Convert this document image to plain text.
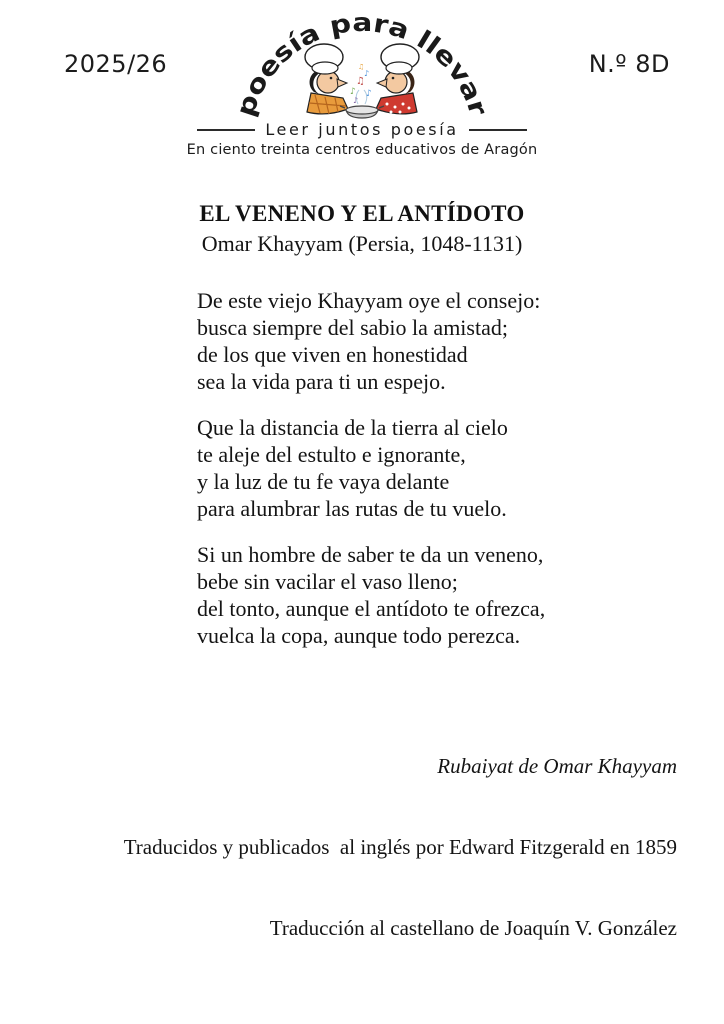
2025/26	N.º 8D
poesía para llevar
♪
♫
♪
♪
♪
♫
Leer juntos poesía
En ciento treinta centros educativos de Aragón
EL VENENO Y EL ANTÍDOTO
Omar Khayyam (Persia, 1048-1131)
De este viejo Khayyam oye el consejo:
busca siempre del sabio la amistad;
de los que viven en honestidad
sea la vida para ti un espejo.
Que la distancia de la tierra al cielo
te aleje del estulto e ignorante,
y la luz de tu fe vaya delante
para alumbrar las rutas de tu vuelo.
Si un hombre de saber te da un veneno,
bebe sin vacilar el vaso lleno;
del tonto, aunque el antídoto te ofrezca,
vuelca la copa, aunque todo perezca.

Rubaiyat de Omar Khayyam

Traducidos y publicados  al inglés por Edward Fitzgerald en 1859

Traducción al castellano de Joaquín V. González
